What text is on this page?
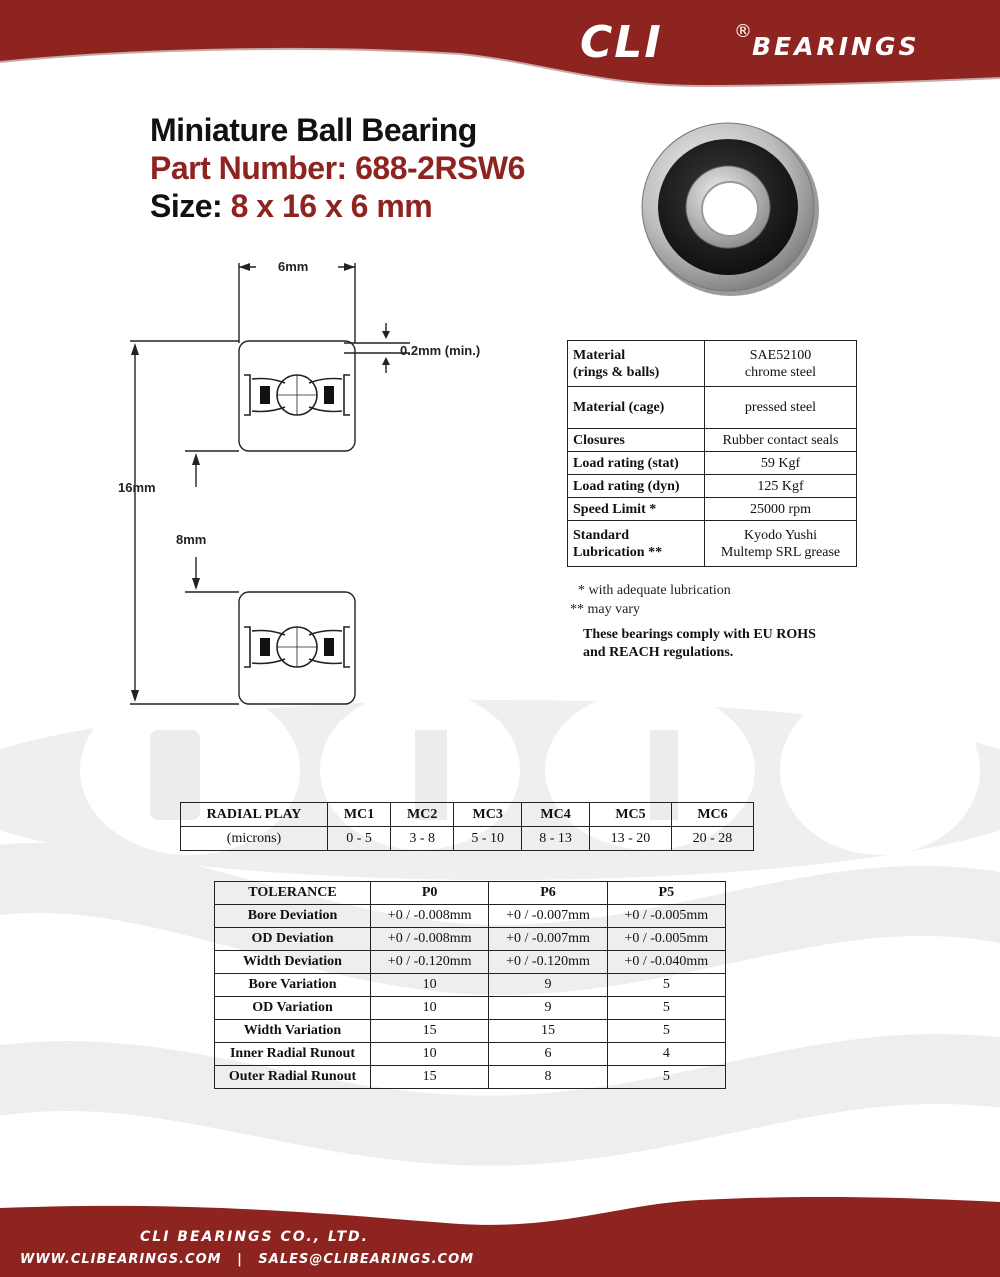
CLI	®
BEARINGS
Miniature Ball Bearing
Part Number: 688-2RSW6
Size: 8 x 16 x 6 mm
6mm
0.2mm (min.)
16mm
8mm
Material
(rings & balls)	SAE52100
chrome steel
Material (cage)	pressed steel
Closures	Rubber contact seals
Load rating (stat)	59 Kgf
Load rating (dyn)	125 Kgf
Speed Limit *	25000 rpm
Standard
Lubrication **	Kyodo Yushi
Multemp SRL grease
* with adequate lubrication
** may vary
These bearings comply with EU ROHS
and REACH regulations.
RADIAL PLAY	MC1	MC2	MC3	MC4	MC5	MC6
(microns)	0 - 5	3 - 8	5 - 10	8 - 13	13 - 20	20 - 28
TOLERANCE	P0	P6	P5
Bore Deviation	+0 / -0.008mm	+0 / -0.007mm	+0 / -0.005mm
OD Deviation	+0 / -0.008mm	+0 / -0.007mm	+0 / -0.005mm
Width Deviation	+0 / -0.120mm	+0 / -0.120mm	+0 / -0.040mm
Bore Variation	10	9	5
OD Variation	10	9	5
Width Variation	15	15	5
Inner Radial Runout	10	6	4
Outer Radial Runout	15	8	5
CLI BEARINGS CO., LTD.
WWW.CLIBEARINGS.COM | SALES@CLIBEARINGS.COM
